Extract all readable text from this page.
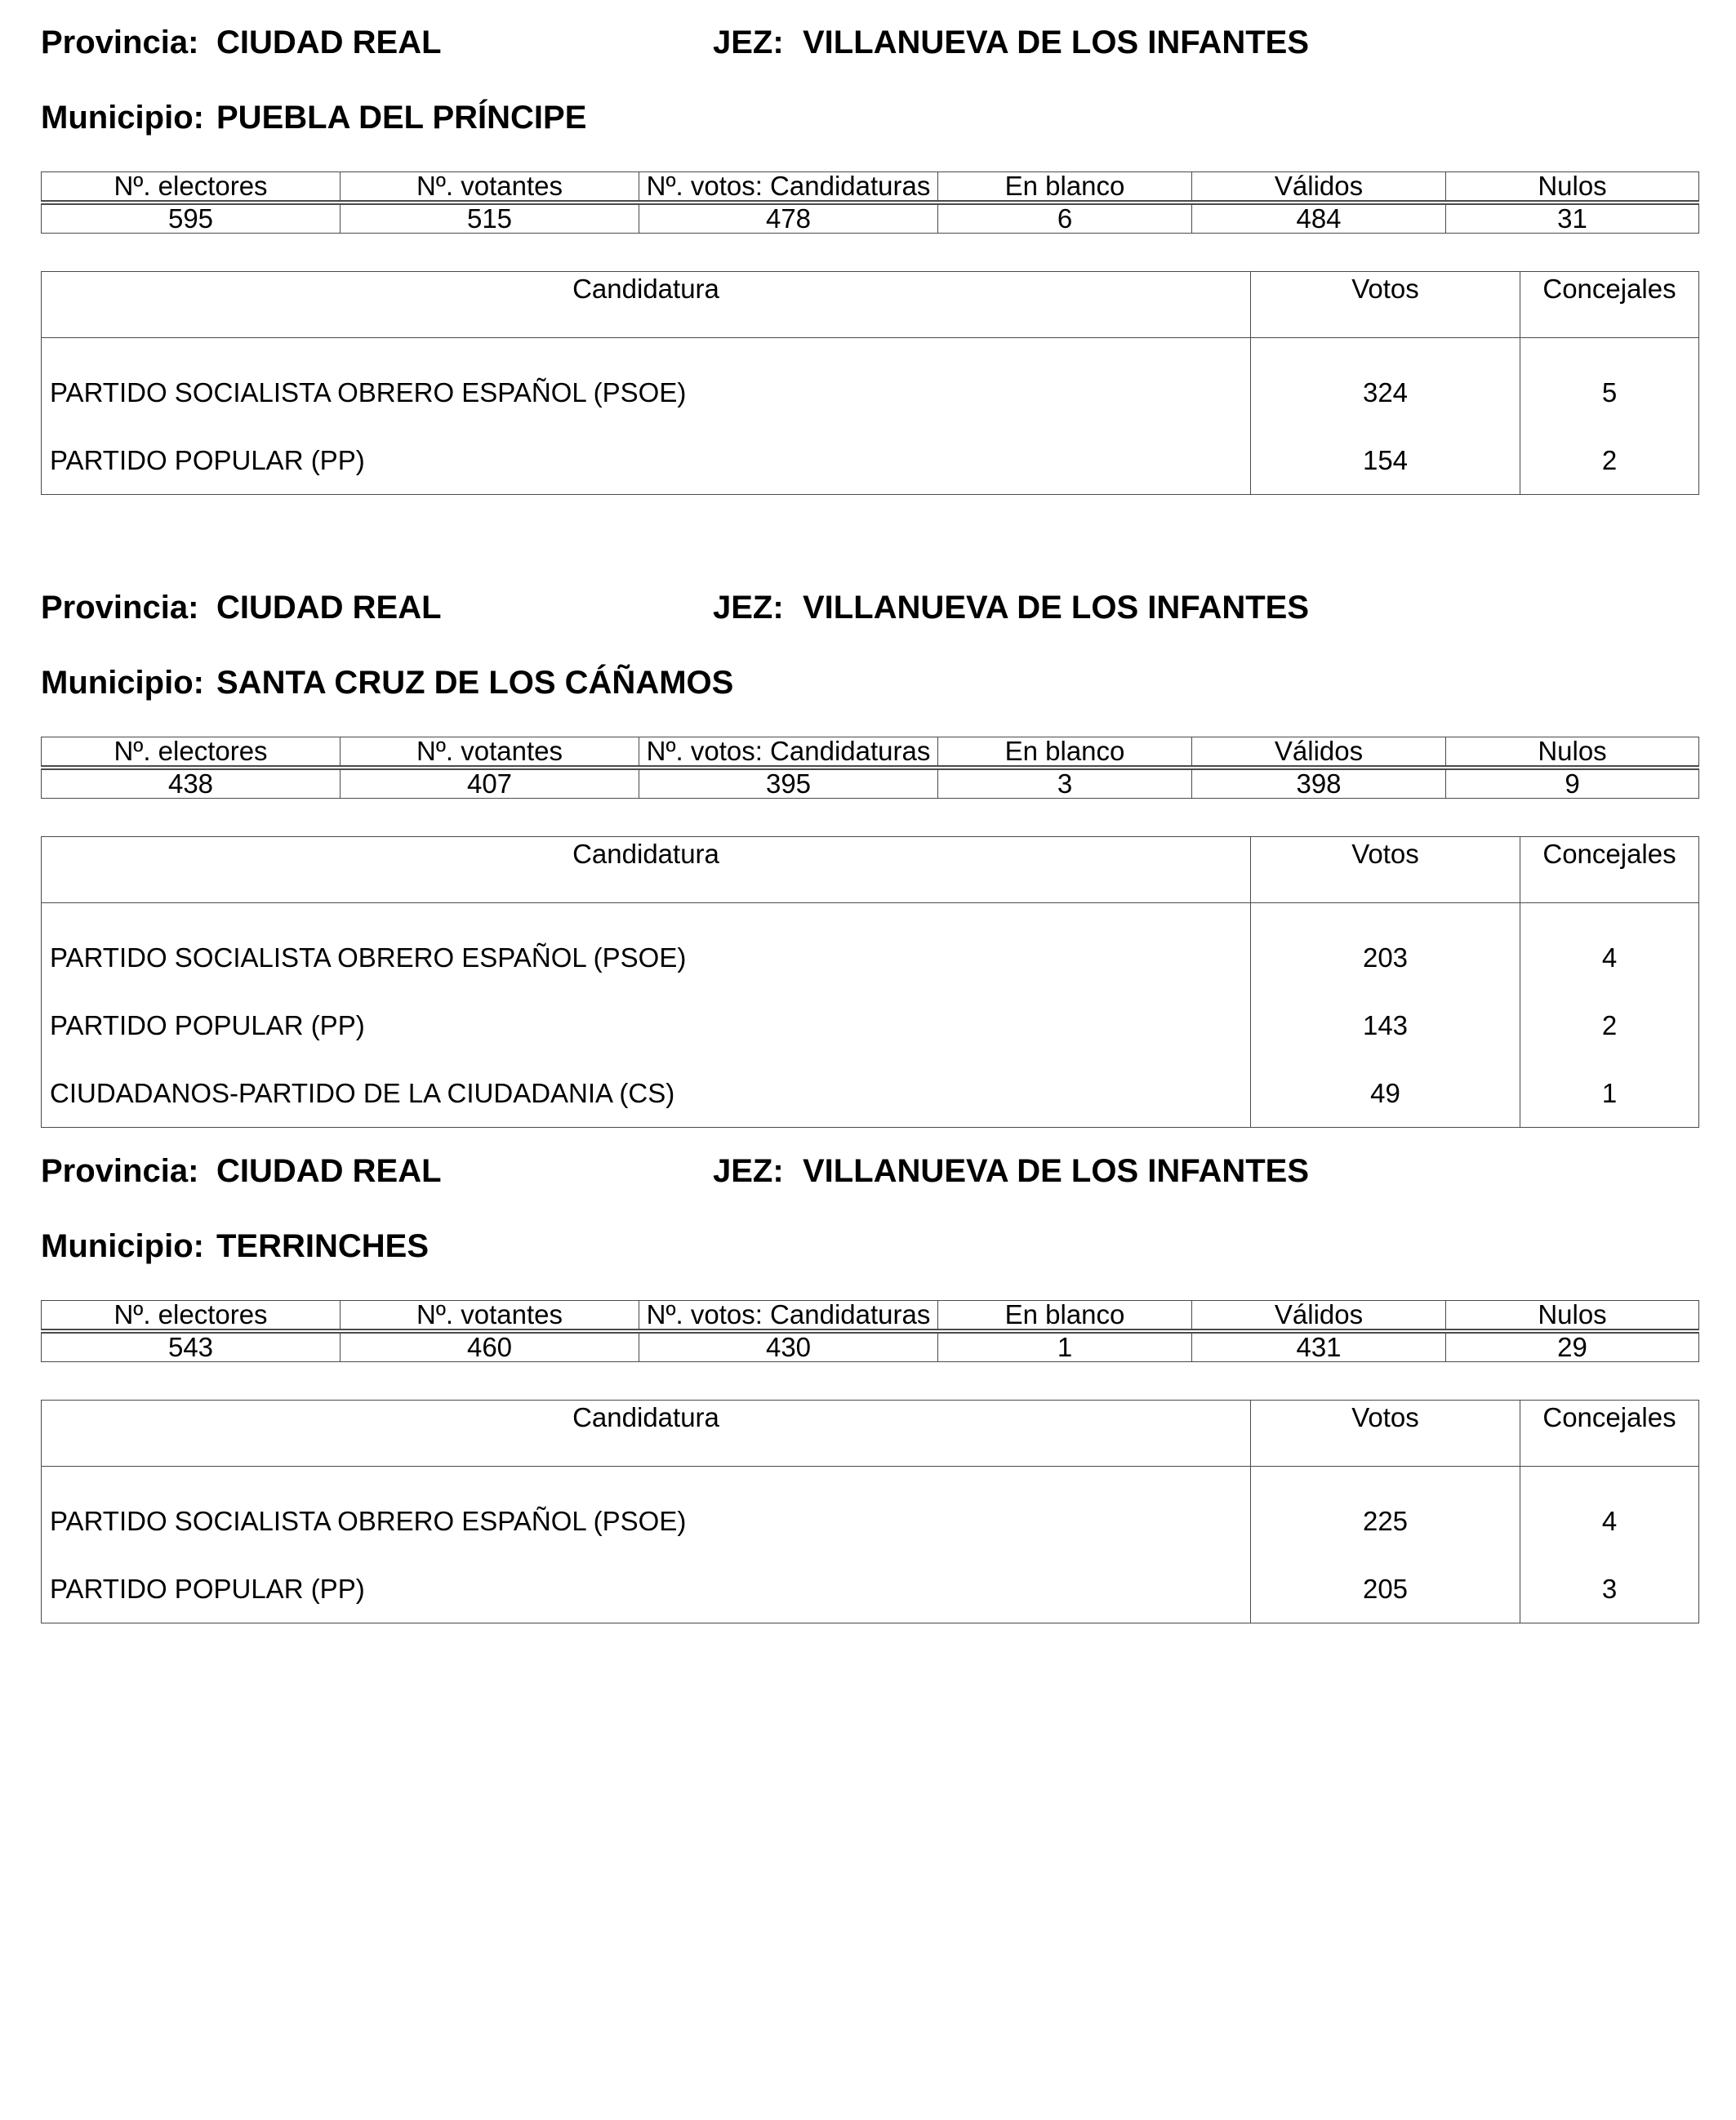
Provincia: CIUDAD REAL	JEZ: VILLANUEVA DE LOS INFANTES
Municipio: PUEBLA DEL PRÍNCIPE
Nº. electores	Nº. votantes	Nº. votos: Candidaturas	En blanco	Válidos	Nulos
595	515	478	6	484	31
Candidatura	Votos	Concejales
PARTIDO SOCIALISTA OBRERO ESPAÑOL (PSOE)	324	5
PARTIDO POPULAR (PP)	154	2
Provincia: CIUDAD REAL	JEZ: VILLANUEVA DE LOS INFANTES
Municipio: SANTA CRUZ DE LOS CÁÑAMOS
Nº. electores	Nº. votantes	Nº. votos: Candidaturas	En blanco	Válidos	Nulos
438	407	395	3	398	9
Candidatura	Votos	Concejales
PARTIDO SOCIALISTA OBRERO ESPAÑOL (PSOE)	203	4
PARTIDO POPULAR (PP)	143	2
CIUDADANOS-PARTIDO DE LA CIUDADANIA (CS)	49	1
Provincia: CIUDAD REAL	JEZ: VILLANUEVA DE LOS INFANTES
Municipio: TERRINCHES
Nº. electores	Nº. votantes	Nº. votos: Candidaturas	En blanco	Válidos	Nulos
543	460	430	1	431	29
Candidatura	Votos	Concejales
PARTIDO SOCIALISTA OBRERO ESPAÑOL (PSOE)	225	4
PARTIDO POPULAR (PP)	205	3
